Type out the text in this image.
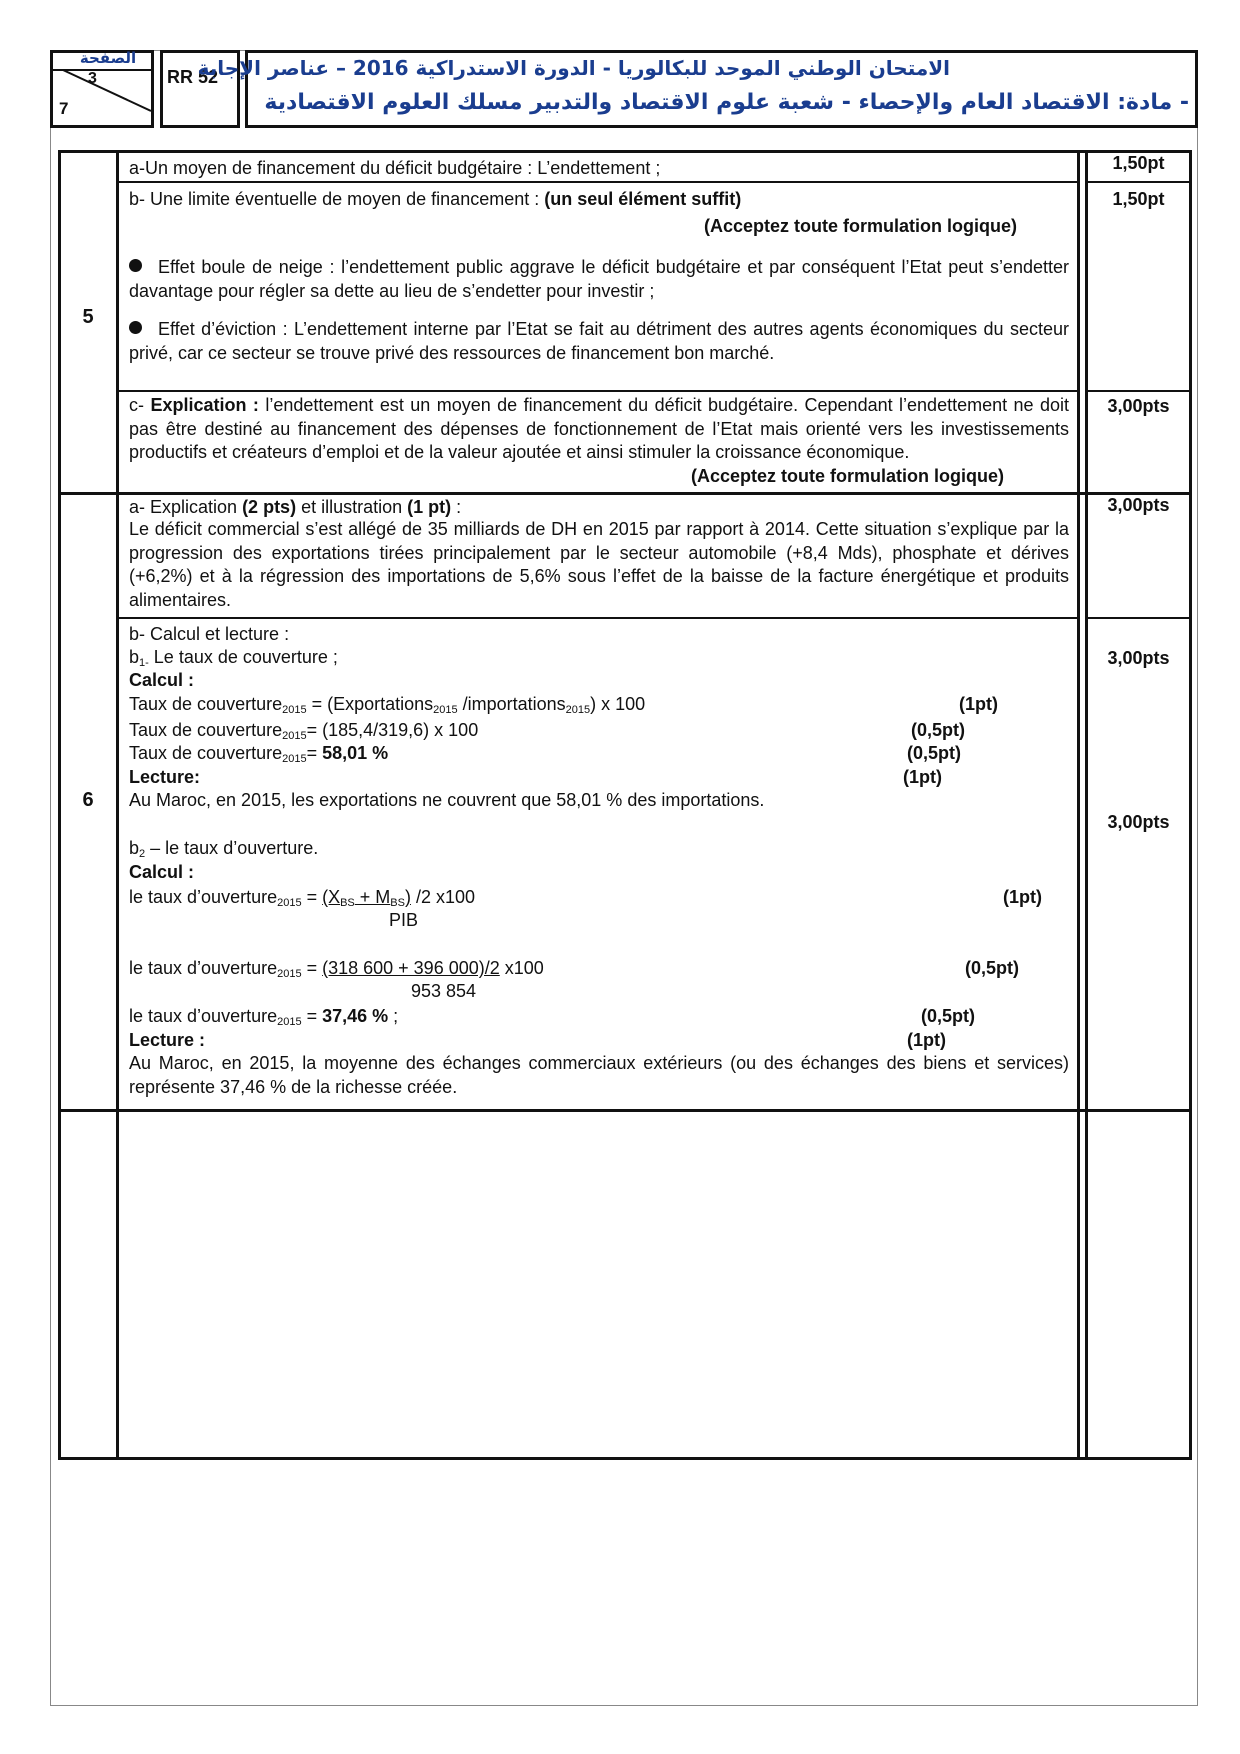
الصفحة
3
7
RR 52
الامتحان الوطني الموحد للبكالوريا - الدورة الاستدراكية 2016 – عناصر الإجابة
- مادة: الاقتصاد العام والإحصاء - شعبة علوم الاقتصاد والتدبير مسلك العلوم الاقتصادية
5
a-Un moyen de financement du déficit budgétaire : L’endettement ;	1,50pt
b- Une limite éventuelle de moyen de financement : (un seul élément suffit)
(Acceptez toute formulation logique)
1,50pt
Effet boule de neige : l’endettement public aggrave le déficit budgétaire et par conséquent l’Etat peut s’endetter davantage pour régler sa dette au lieu de s’endetter pour investir ;
Effet d’éviction : L’endettement interne par l’Etat se fait au détriment des autres agents économiques du secteur privé, car ce secteur se trouve privé des ressources de financement bon marché.
c- Explication : l’endettement est un moyen de financement du déficit budgétaire. Cependant l’endettement ne doit pas être destiné au financement des dépenses de fonctionnement de l’Etat mais orienté vers les investissements productifs et créateurs d’emploi et de la valeur ajoutée et ainsi stimuler la croissance économique.
(Acceptez toute formulation logique)
3,00pts
6
a- Explication (2 pts) et illustration (1 pt) :
Le déficit commercial s’est allégé de 35 milliards de DH en 2015 par rapport à 2014. Cette situation s’explique par la progression des exportations tirées principalement par le secteur automobile (+8,4 Mds), phosphate et dérives (+6,2%) et à la régression des importations de 5,6% sous l’effet de la baisse de la facture énergétique et produits alimentaires.
3,00pts
b- Calcul et lecture :
$b_{1-}$ Le taux de couverture ;
Calcul :
Taux de couverture$_{2015}$ = (Exportations$_{2015}$ /importations$_{2015}$) x 100	(1pt)
Taux de couverture$_{2015}$= (185,4/319,6) x 100	(0,5pt)
Taux de couverture$_{2015}$= 58,01 %	(0,5pt)
Lecture:	(1pt)
Au Maroc, en 2015, les exportations ne couvrent que 58,01 % des importations.
3,00pts
3,00pts
$b_2$ – le taux d’ouverture.
Calcul :
le taux d’ouverture$_{2015}$ = $(X_{BS} + M_{BS})$ /2 x100
PIB
(1pt)
le taux d’ouverture$_{2015}$ = (318 600 + 396 000)/2 x100
953 854
(0,5pt)
le taux d’ouverture$_{2015}$ = 37,46 % ;	(0,5pt)
Lecture :	(1pt)
Au Maroc, en 2015, la moyenne des échanges commerciaux extérieurs (ou des échanges des biens et services) représente 37,46 % de la richesse créée.
